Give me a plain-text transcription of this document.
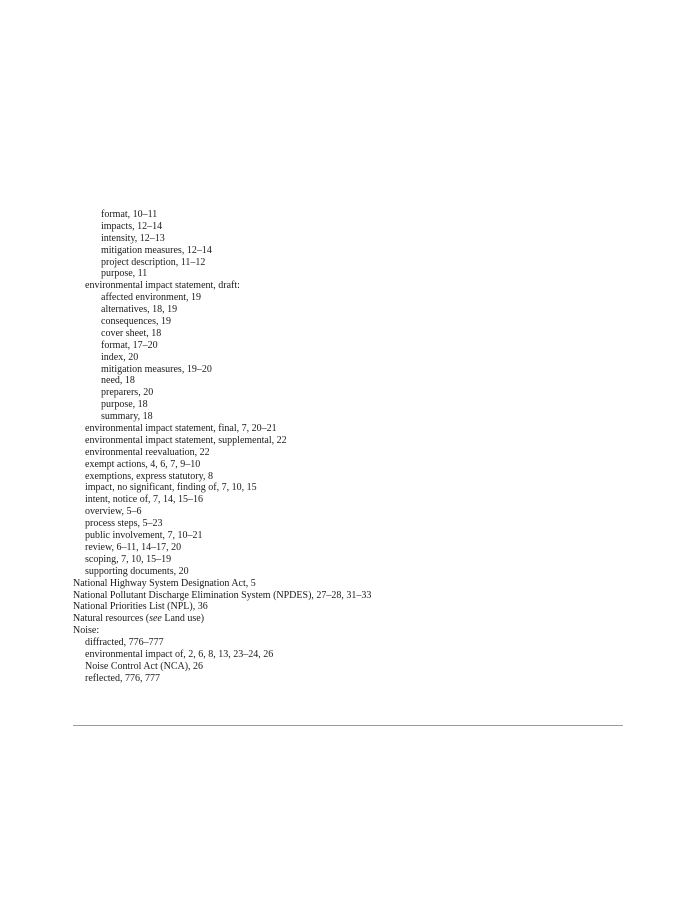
format, 10–11
impacts, 12–14
intensity, 12–13
mitigation measures, 12–14
project description, 11–12
purpose, 11
environmental impact statement, draft:
affected environment, 19
alternatives, 18, 19
consequences, 19
cover sheet, 18
format, 17–20
index, 20
mitigation measures, 19–20
need, 18
preparers, 20
purpose, 18
summary, 18
environmental impact statement, final, 7, 20–21
environmental impact statement, supplemental, 22
environmental reevaluation, 22
exempt actions, 4, 6, 7, 9–10
exemptions, express statutory, 8
impact, no significant, finding of, 7, 10, 15
intent, notice of, 7, 14, 15–16
overview, 5–6
process steps, 5–23
public involvement, 7, 10–21
review, 6–11, 14–17, 20
scoping, 7, 10, 15–19
supporting documents, 20
National Highway System Designation Act, 5
National Pollutant Discharge Elimination System (NPDES), 27–28, 31–33
National Priorities List (NPL), 36
Natural resources (see Land use)
Noise:
diffracted, 776–777
environmental impact of, 2, 6, 8, 13, 23–24, 26
Noise Control Act (NCA), 26
reflected, 776, 777
